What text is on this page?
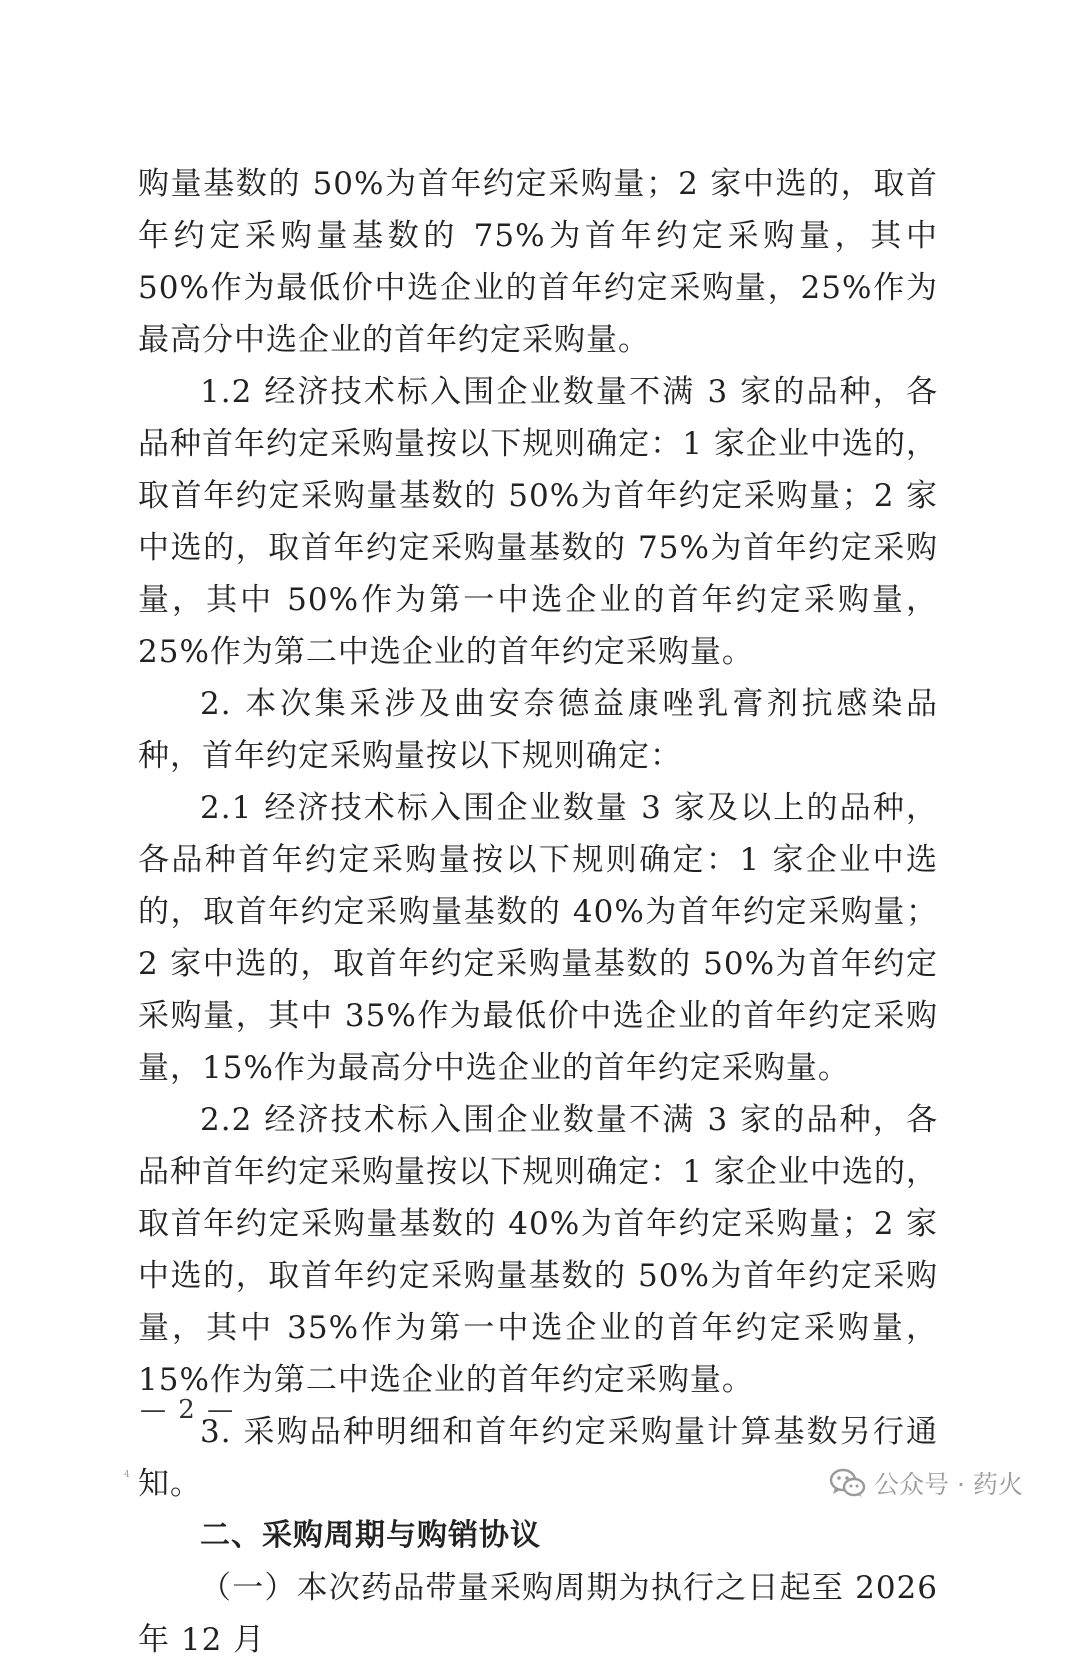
购量基数的 50%为首年约定采购量；2 家中选的，取首年约定采购量基数的 75%为首年约定采购量，其中 50%作为最低价中选企业的首年约定采购量，25%作为最高分中选企业的首年约定采购量。

1.2 经济技术标入围企业数量不满 3 家的品种，各品种首年约定采购量按以下规则确定：1 家企业中选的，取首年约定采购量基数的 50%为首年约定采购量；2 家中选的，取首年约定采购量基数的 75%为首年约定采购量，其中 50%作为第一中选企业的首年约定采购量，25%作为第二中选企业的首年约定采购量。

2. 本次集采涉及曲安奈德益康唑乳膏剂抗感染品种，首年约定采购量按以下规则确定：

2.1 经济技术标入围企业数量 3 家及以上的品种，各品种首年约定采购量按以下规则确定：1 家企业中选的，取首年约定采购量基数的 40%为首年约定采购量；2 家中选的，取首年约定采购量基数的 50%为首年约定采购量，其中 35%作为最低价中选企业的首年约定采购量，15%作为最高分中选企业的首年约定采购量。

2.2 经济技术标入围企业数量不满 3 家的品种，各品种首年约定采购量按以下规则确定：1 家企业中选的，取首年约定采购量基数的 40%为首年约定采购量；2 家中选的，取首年约定采购量基数的 50%为首年约定采购量，其中 35%作为第一中选企业的首年约定采购量，15%作为第二中选企业的首年约定采购量。

3. 采购品种明细和首年约定采购量计算基数另行通知。

二、采购周期与购销协议

（一）本次药品带量采购周期为执行之日起至 2026 年 12 月

— 2 —
4	公众号 · 药火
